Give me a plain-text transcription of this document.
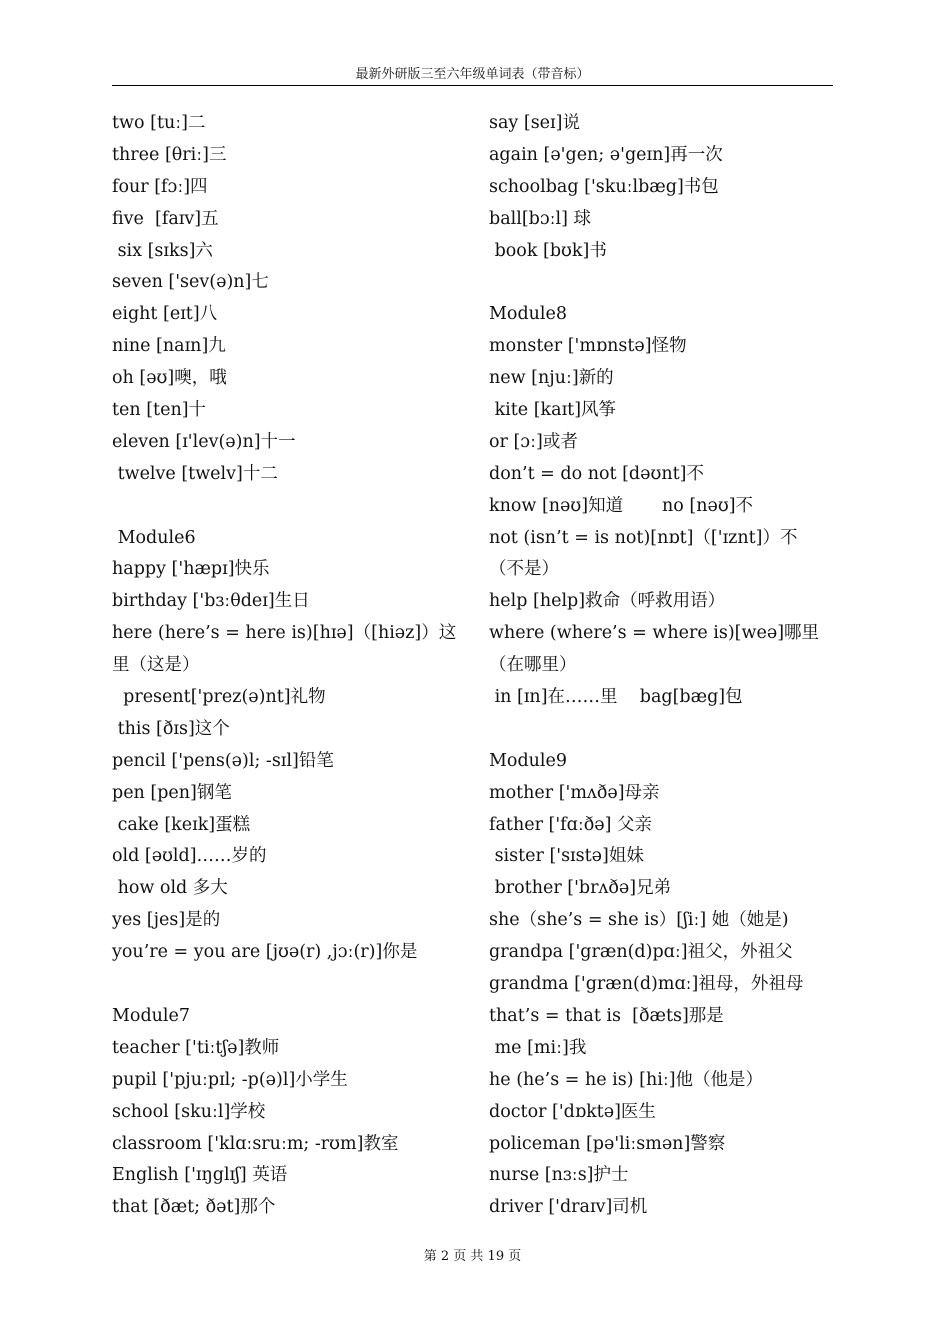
最新外研版三至六年级单词表（带音标）
two [tuː]二
three [θriː]三
four [fɔː]四
five  [faɪv]五
six [sɪks]六
seven ['sev(ə)n]七
eight [eɪt]八
nine [naɪn]九
oh [əʊ]噢，哦
ten [ten]十
eleven [ɪ'lev(ə)n]十一
twelve [twelv]十二
Module6
happy ['hæpɪ]快乐
birthday ['bɜːθdeɪ]生日
here (here’s = here is)[hɪə]（[hiəz]）这
里（这是）
present['prez(ə)nt]礼物
this [ðɪs]这个
pencil ['pens(ə)l; -sɪl]铅笔
pen [pen]钢笔
cake [keɪk]蛋糕
old [əʊld]……岁的
how old 多大
yes [jes]是的
you’re = you are [jʊə(r) ,jɔː(r)]你是
Module7
teacher ['tiːtʃə]教师
pupil ['pjuːpɪl; -p(ə)l]小学生
school [skuːl]学校
classroom ['klɑːsruːm; -rʊm]教室
English ['ɪŋglɪʃ] 英语
that [ðæt; ðət]那个
say [seɪ]说
again [ə'gen; ə'geɪn]再一次
schoolbag ['skuːlbæg]书包
ball[bɔːl] 球
book [bʊk]书
Module8
monster ['mɒnstə]怪物
new [njuː]新的
kite [kaɪt]风筝
or [ɔː]或者
don’t = do not [dəʊnt]不
know [nəʊ]知道       no [nəʊ]不
not (isn’t = is not)[nɒt]（['ɪznt]）不
（不是）
help [help]救命（呼救用语）
where (where’s = where is)[weə]哪里
（在哪里）
in [ɪn]在……里    bag[bæg]包
Module9
mother ['mʌðə]母亲
father ['fɑːðə] 父亲
sister ['sɪstə]姐妹
brother ['brʌðə]兄弟
she（she’s = she is）[ʃiː] 她（她是)
grandpa ['græn(d)pɑː]祖父，外祖父
grandma ['græn(d)mɑː]祖母，外祖母
that’s = that is  [ðæts]那是
me [miː]我
he (he’s = he is) [hiː]他（他是）
doctor ['dɒktə]医生
policeman [pə'liːsmən]警察
nurse [nɜːs]护士
driver ['draɪv]司机
第 2 页 共 19 页
